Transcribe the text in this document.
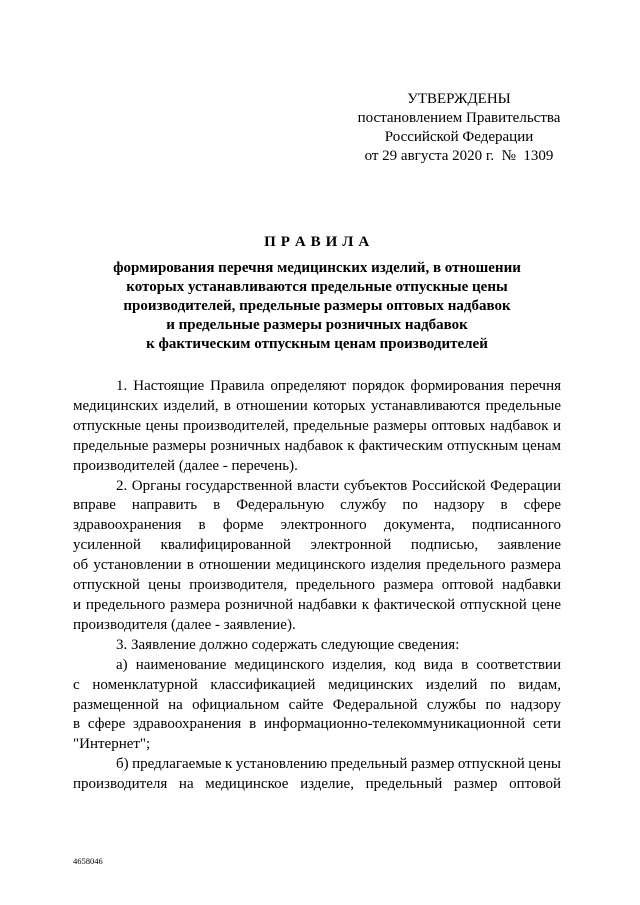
УТВЕРЖДЕНЫ
постановлением Правительства
Российской Федерации
от 29 августа 2020 г.  №  1309
П Р А В И Л А
формирования перечня медицинских изделий, в отношении
которых устанавливаются предельные отпускные цены
производителей, предельные размеры оптовых надбавок
и предельные размеры розничных надбавок
к фактическим отпускным ценам производителей
1. Настоящие Правила определяют порядок формирования перечня
медицинских изделий, в отношении которых устанавливаются предельные
отпускные цены производителей, предельные размеры оптовых надбавок и
предельные размеры розничных надбавок к фактическим отпускным ценам
производителей (далее - перечень).
2. Органы государственной власти субъектов Российской Федерации
вправе направить в Федеральную службу по надзору в сфере
здравоохранения в форме электронного документа, подписанного
усиленной квалифицированной электронной подписью, заявление
об установлении в отношении медицинского изделия предельного размера
отпускной цены производителя, предельного размера оптовой надбавки
и предельного размера розничной надбавки к фактической отпускной цене
производителя (далее - заявление).
3. Заявление должно содержать следующие сведения:
а) наименование медицинского изделия, код вида в соответствии
с номенклатурной классификацией медицинских изделий по видам,
размещенной на официальном сайте Федеральной службы по надзору
в сфере здравоохранения в информационно-телекоммуникационной сети
"Интернет";
б) предлагаемые к установлению предельный размер отпускной цены
производителя на медицинское изделие, предельный размер оптовой
4658046
